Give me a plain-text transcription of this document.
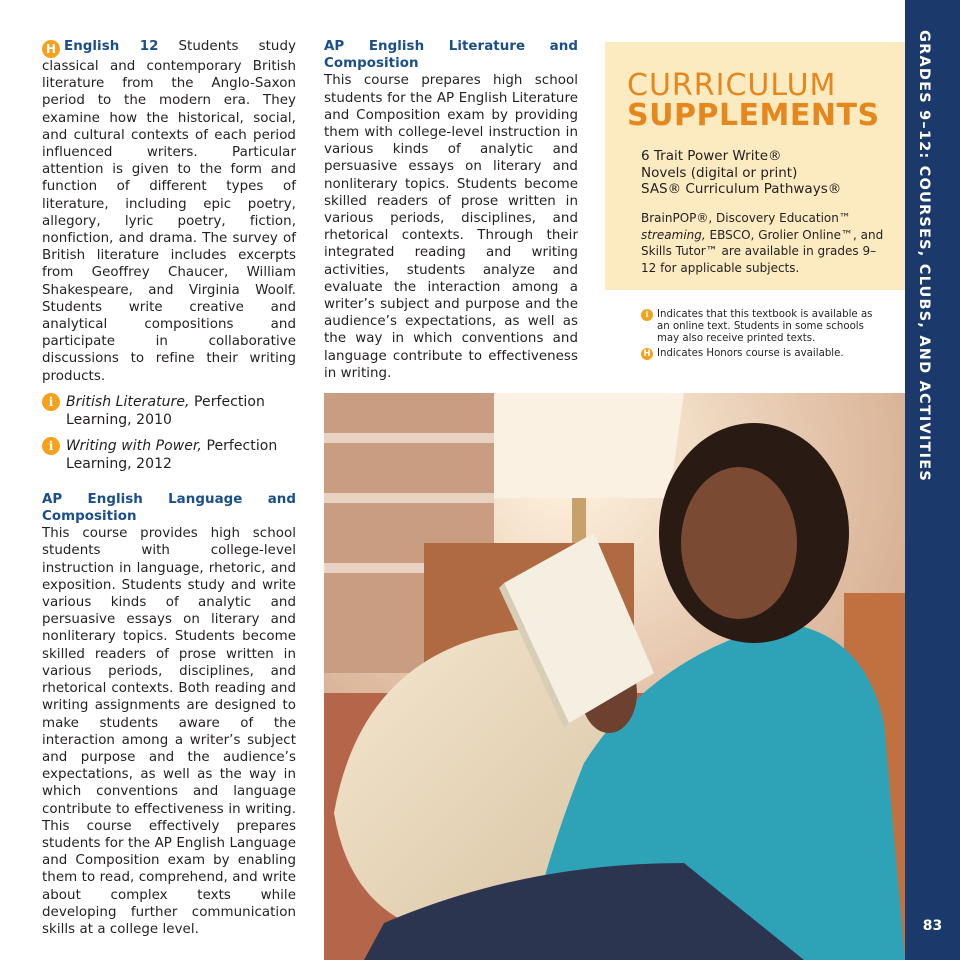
H English 12 Students study classical and contemporary British literature from the Anglo-Saxon period to the modern era. They examine how the historical, social, and cultural contexts of each period influenced writers. Particular attention is given to the form and function of different types of literature, including epic poetry, allegory, lyric poetry, fiction, nonfiction, and drama. The survey of British literature includes excerpts from Geoffrey Chaucer, William Shakespeare, and Virginia Woolf. Students write creative and analytical compositions and participate in collaborative discussions to refine their writing products.

i British Literature, Perfection Learning, 2010
i Writing with Power, Perfection Learning, 2012

AP English Language and Composition

This course provides high school students with college-level instruction in language, rhetoric, and exposition. Students study and write various kinds of analytic and persuasive essays on literary and nonliterary topics. Students become skilled readers of prose written in various periods, disciplines, and rhetorical contexts. Both reading and writing assignments are designed to make students aware of the interaction among a writer’s subject and purpose and the audience’s expectations, as well as the way in which conventions and language contribute to effectiveness in writing. This course effectively prepares students for the AP English Language and Composition exam by enabling them to read, comprehend, and write about complex texts while developing further communication skills at a college level.

AP English Literature and Composition

This course prepares high school students for the AP English Literature and Composition exam by providing them with college-level instruction in various kinds of analytic and persuasive essays on literary and nonliterary topics. Students become skilled readers of prose written in various periods, disciplines, and rhetorical contexts. Through their integrated reading and writing activities, students analyze and evaluate the interaction among a writer’s subject and purpose and the audience’s expectations, as well as the way in which conventions and language contribute to effectiveness in writing.

CURRICULUM
SUPPLEMENTS
6 Trait Power Write®
Novels (digital or print)
SAS® Curriculum Pathways®
BrainPOP®, Discovery Education™ streaming, EBSCO, Grolier Online™, and Skills Tutor™ are available in grades 9–12 for applicable subjects.
i Indicates that this textbook is available as an online text. Students in some schools may also receive printed texts.
H Indicates Honors course is available.	GRADES 9–12: COURSES, CLUBS, AND ACTIVITIES
83
